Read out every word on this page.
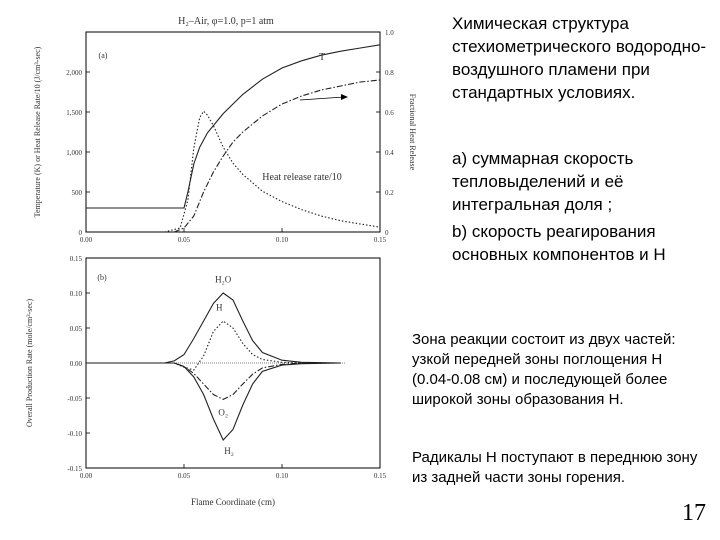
0.00	0.05	0.10	0.15
0
500
1,000
1,500
2,000
0
0.2
0.4
0.6
0.8
1.0
H₂–Air, φ=1.0, p=1 atm
(a)
Temperature (K) or Heat Release Rate/10 (J/cm³-sec)	Fractional Heat Release
T
Heat release rate/10
0.00	0.05	0.10	0.15
0.15
0.10
0.05
0.00
-0.05
-0.10
-0.15
(b)
Flame Coordinate (cm)
Overall Production Rate (mole/cm³-sec)
H₂O
H
O₂
H₂
Химическая структура стехиометрического водородно-воздушного пламени при стандартных условиях.
а) суммарная скорость тепловыделений и её интегральная доля ;
b) скорость реагирования основных компонентов и Н
Зона реакции состоит из двух частей: узкой передней зоны поглощения Н (0.04-0.08 см) и последующей более широкой зоны образования Н.
Радикалы Н поступают в переднюю зону из задней части зоны горения.
17
